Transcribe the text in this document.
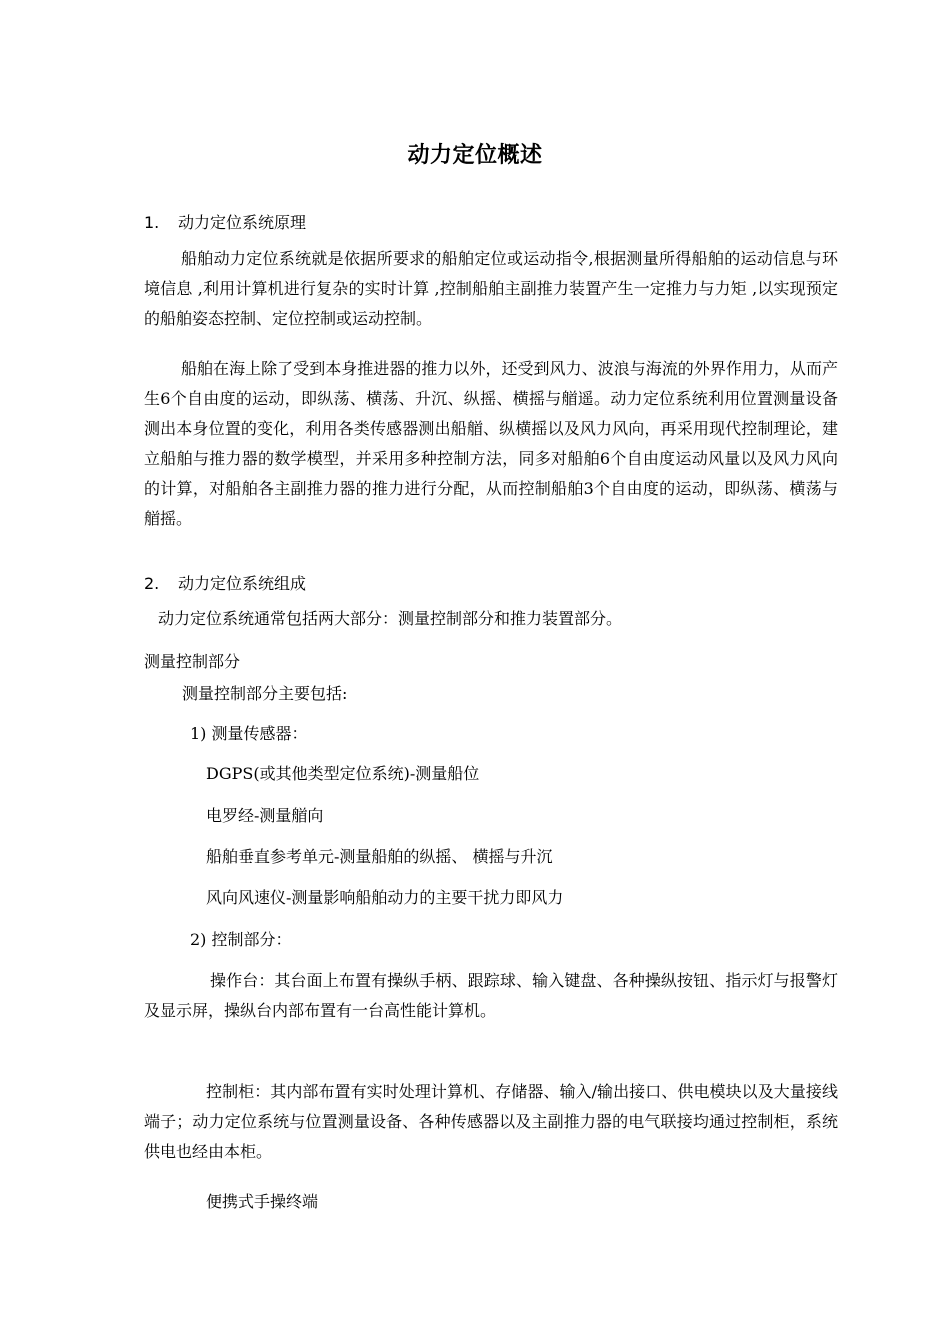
动力定位概述
1. 动力定位系统原理

船舶动力定位系统就是依据所要求的船舶定位或运动指令,根据测量所得船舶的运动信息与环境信息 ,利用计算机进行复杂的实时计算 ,控制船舶主副推力装置产生一定推力与力矩 ,以实现预定的船舶姿态控制、定位控制或运动控制。

船舶在海上除了受到本身推进器的推力以外，还受到风力、波浪与海流的外界作用力，从而产生6个自由度的运动，即纵荡、横荡、升沉、纵摇、横摇与艏遥。动力定位系统利用位置测量设备测出本身位置的变化，利用各类传感器测出船艏、纵横摇以及风力风向，再采用现代控制理论，建立船舶与推力器的数学模型，并采用多种控制方法，同多对船舶6个自由度运动风量以及风力风向的计算，对船舶各主副推力器的推力进行分配，从而控制船舶3个自由度的运动，即纵荡、横荡与艏摇。

2. 动力定位系统组成
动力定位系统通常包括两大部分：测量控制部分和推力装置部分。
测量控制部分
测量控制部分主要包括:
1) 测量传感器：
DGPS(或其他类型定位系统)-测量船位
电罗经-测量艏向
船舶垂直参考单元-测量船舶的纵摇、 横摇与升沉
风向风速仪-测量影响船舶动力的主要干扰力即风力
2) 控制部分：

操作台：其台面上布置有操纵手柄、跟踪球、输入键盘、各种操纵按钮、指示灯与报警灯及显示屏，操纵台内部布置有一台高性能计算机。

控制柜：其内部布置有实时处理计算机、存储器、输入/输出接口、供电模块以及大量接线端子；动力定位系统与位置测量设备、各种传感器以及主副推力器的电气联接均通过控制柜，系统供电也经由本柜。

便携式手操终端
